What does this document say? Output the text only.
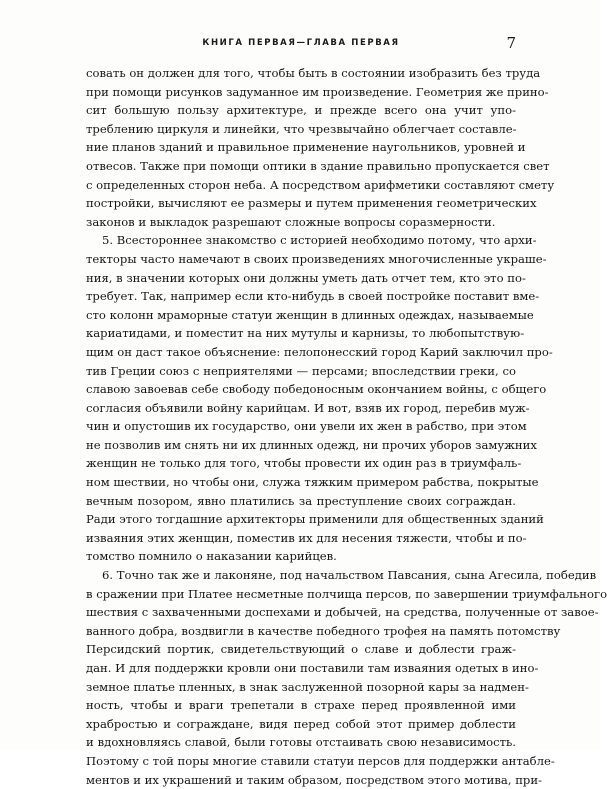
КНИГА ПЕРВАЯ—ГЛАВА ПЕРВАЯ	7
совать он должен для того, чтобы быть в состоянии изобразить без труда
при помощи рисунков задуманное им произведение. Геометрия же прино-
сит большую пользу архитектуре, и прежде всего она учит упо-
треблению циркуля и линейки, что чрезвычайно облегчает составле-
ние планов зданий и правильное применение наугольников, уровней и
отвесов. Также при помощи оптики в здание правильно пропускается свет
с определенных сторон неба. А посредством арифметики составляют смету
постройки, вычисляют ее размеры и путем применения геометрических
законов и выкладок разрешают сложные вопросы соразмерности.
5. Всестороннее знакомство с историей необходимо потому, что архи-
текторы часто намечают в своих произведениях многочисленные украше-
ния, в значении которых они должны уметь дать отчет тем, кто это по-
требует. Так, например если кто-нибудь в своей постройке поставит вме-
сто колонн мраморные статуи женщин в длинных одеждах, называемые
кариатидами, и поместит на них мутулы и карнизы, то любопытствую-
щим он даст такое объяснение: пелопонесский город Карий заключил про-
тив Греции союз с неприятелями — персами; впоследствии греки, со
славою завоевав себе свободу победоносным окончанием войны, с общего
согласия объявили войну карийцам. И вот, взяв их город, перебив муж-
чин и опустошив их государство, они увели их жен в рабство, при этом
не позволив им снять ни их длинных одежд, ни прочих уборов замужних
женщин не только для того, чтобы провести их один раз в триумфаль-
ном шествии, но чтобы они, служа тяжким примером рабства, покрытые
вечным позором, явно платились за преступление своих сограждан.
Ради этого тогдашние архитекторы применили для общественных зданий
изваяния этих женщин, поместив их для несения тяжести, чтобы и по-
томство помнило о наказании карийцев.
6. Точно так же и лаконяне, под начальством Павсания, сына Агесила, победив
в сражении при Платее несметные полчища персов, по завершении триумфального
шествия с захваченными доспехами и добычей, на средства, полученные от завое-
ванного добра, воздвигли в качестве победного трофея на память потомству
Персидский портик, свидетельствующий о славе и доблести граж-
дан. И для поддержки кровли они поставили там изваяния одетых в ино-
земное платье пленных, в знак заслуженной позорной кары за надмен-
ность, чтобы и враги трепетали в страхе перед проявленной ими
храбростью и сограждане, видя перед собой этот пример доблести
и вдохновляясь славой, были готовы отстаивать свою независимость.
Поэтому с той поры многие ставили статуи персов для поддержки антабле-
ментов и их украшений и таким образом, посредством этого мотива, при-
